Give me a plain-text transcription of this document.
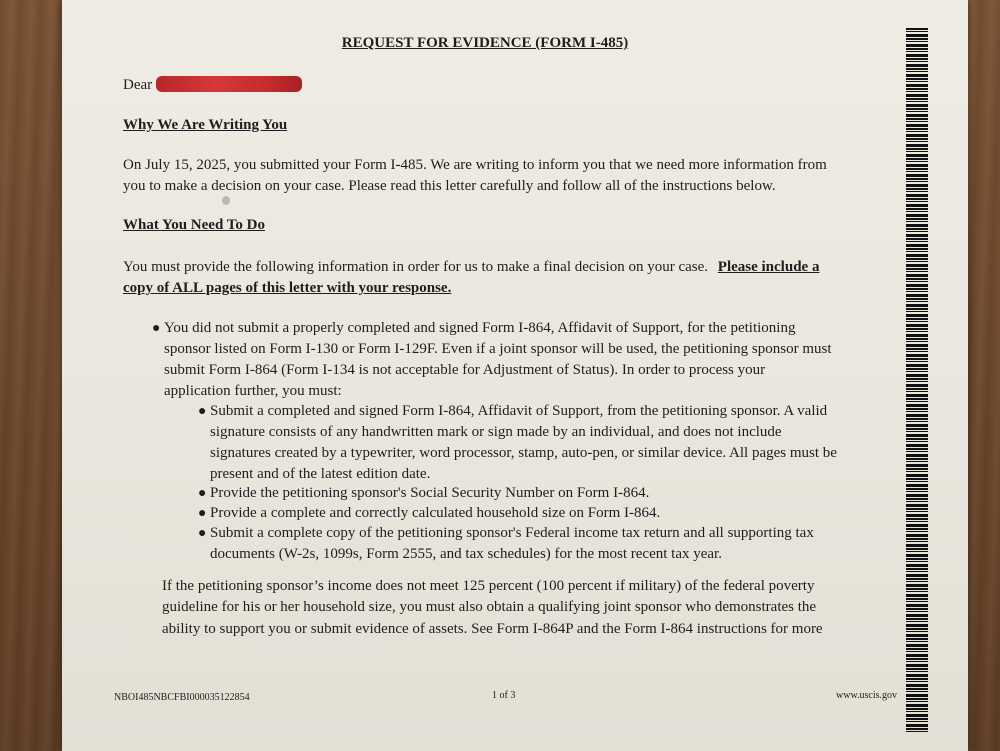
REQUEST FOR EVIDENCE (FORM I-485)
Dear
Why We Are Writing You

On July 15, 2025, you submitted your Form I-485. We are writing to inform you that we need more information from

you to make a decision on your case. Please read this letter carefully and follow all of the instructions below.

What You Need To Do

You must provide the following information in order for us to make a final decision on your case. Please include a

copy of ALL pages of this letter with your response.

● You did not submit a properly completed and signed Form I-864, Affidavit of Support, for the petitioning
sponsor listed on Form I-130 or Form I-129F. Even if a joint sponsor will be used, the petitioning sponsor must
submit Form I-864 (Form I-134 is not acceptable for Adjustment of Status). In order to process your
application further, you must:
● Submit a completed and signed Form I-864, Affidavit of Support, from the petitioning sponsor. A valid
signature consists of any handwritten mark or sign made by an individual, and does not include
signatures created by a typewriter, word processor, stamp, auto-pen, or similar device. All pages must be
present and of the latest edition date.
● Provide the petitioning sponsor's Social Security Number on Form I-864.
● Provide a complete and correctly calculated household size on Form I-864.
● Submit a complete copy of the petitioning sponsor's Federal income tax return and all supporting tax
documents (W-2s, 1099s, Form 2555, and tax schedules) for the most recent tax year.

If the petitioning sponsor’s income does not meet 125 percent (100 percent if military) of the federal poverty

guideline for his or her household size, you must also obtain a qualifying joint sponsor who demonstrates the

ability to support you or submit evidence of assets. See Form I-864P and the Form I-864 instructions for more

NBOI485NBCFBI000035122854	1 of 3	www.uscis.gov
